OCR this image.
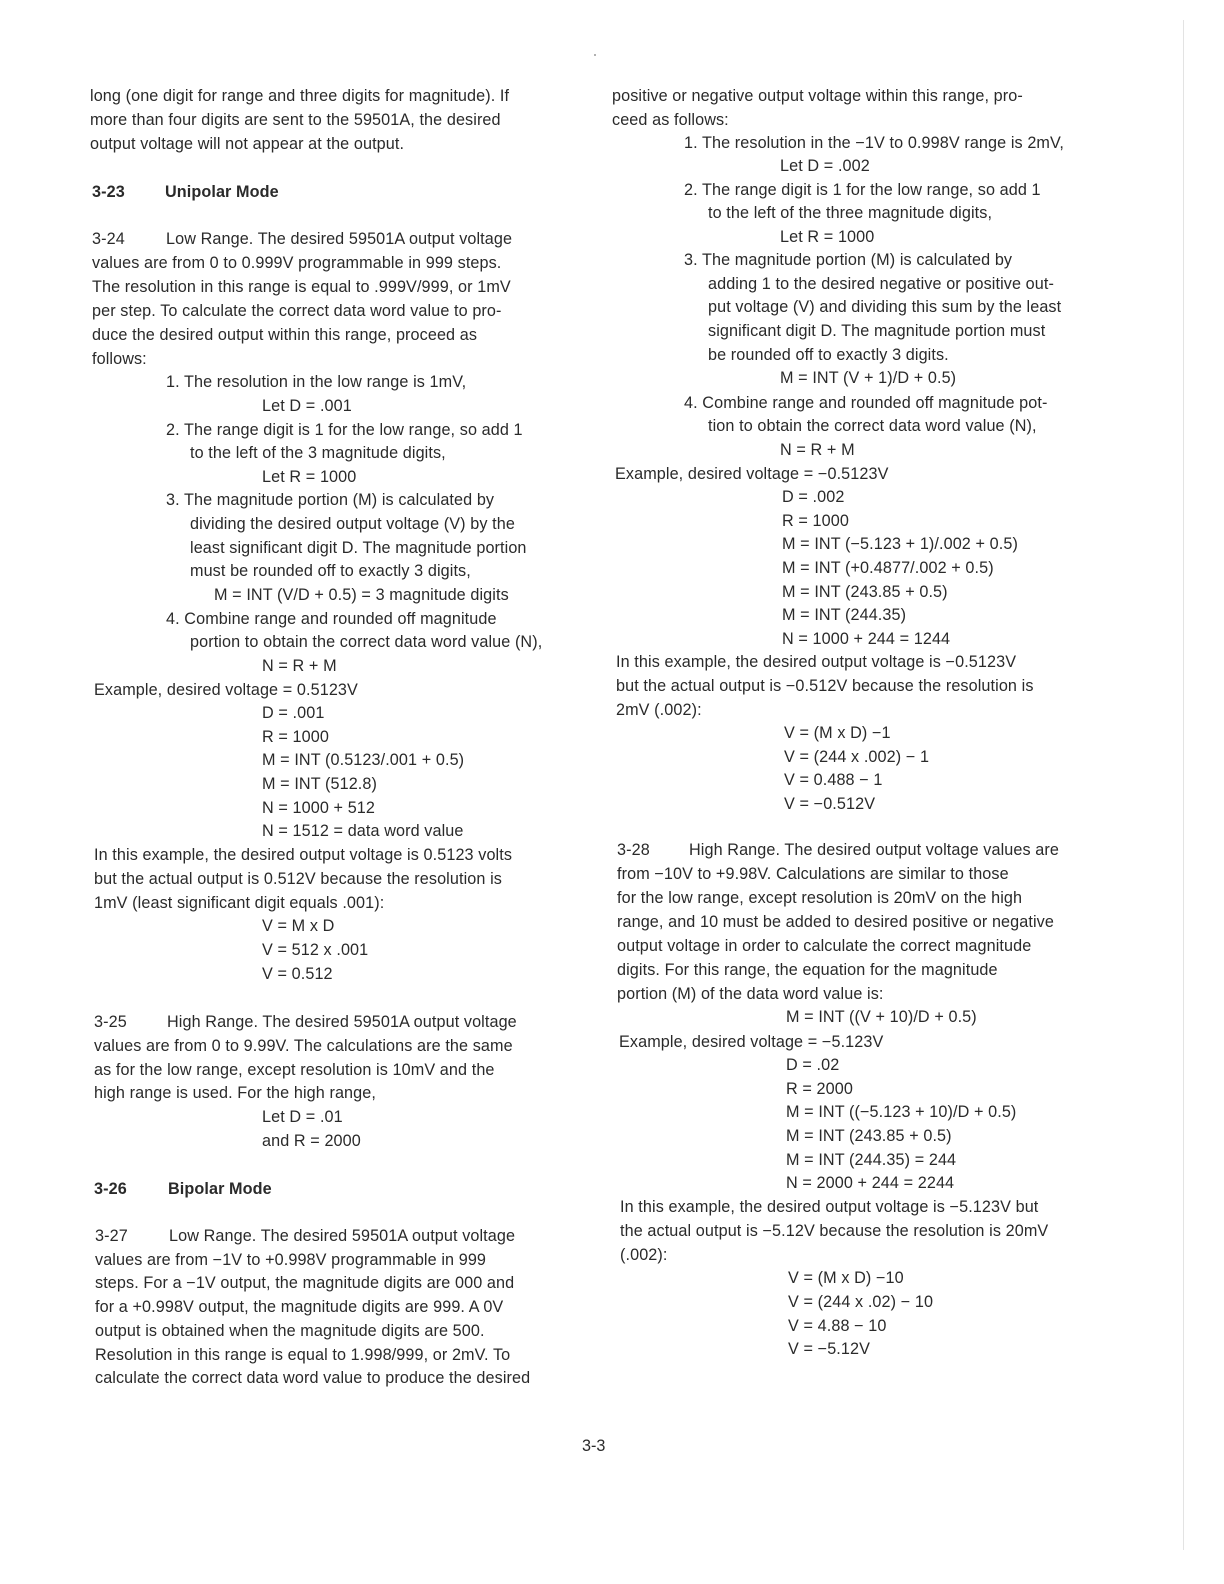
long (one digit for range and three digits for magnitude). If
more than four digits are sent to the 59501A, the desired
output voltage will not appear at the output.
3-23 Unipolar Mode
3-24	Low Range. The desired 59501A output voltage
values are from 0 to 0.999V programmable in 999 steps.
The resolution in this range is equal to .999V/999, or 1mV
per step. To calculate the correct data word value to pro-
duce the desired output within this range, proceed as
follows:
1. The resolution in the low range is 1mV,
Let D = .001
2. The range digit is 1 for the low range, so add 1
to the left of the 3 magnitude digits,
Let R = 1000
3. The magnitude portion (M) is calculated by
dividing the desired output voltage (V) by the
least significant digit D. The magnitude portion
must be rounded off to exactly 3 digits,
M = INT (V/D + 0.5) = 3 magnitude digits
4. Combine range and rounded off magnitude
portion to obtain the correct data word value (N),
N = R + M
Example, desired voltage = 0.5123V
D = .001
R = 1000
M = INT (0.5123/.001 + 0.5)
M = INT (512.8)
N = 1000 + 512
N = 1512 = data word value
In this example, the desired output voltage is 0.5123 volts
but the actual output is 0.512V because the resolution is
1mV (least significant digit equals .001):
V = M x D
V = 512 x .001
V = 0.512
3-25 High Range. The desired 59501A output voltage
values are from 0 to 9.99V. The calculations are the same
as for the low range, except resolution is 10mV and the
high range is used. For the high range,
Let D = .01
and R = 2000
3-26	Bipolar Mode
3-27	Low Range. The desired 59501A output voltage
values are from −1V to +0.998V programmable in 999
steps. For a −1V output, the magnitude digits are 000 and
for a +0.998V output, the magnitude digits are 999. A 0V
output is obtained when the magnitude digits are 500.
Resolution in this range is equal to 1.998/999, or 2mV. To
calculate the correct data word value to produce the desired
positive or negative output voltage within this range, pro-
ceed as follows:
1. The resolution in the −1V to 0.998V range is 2mV,
Let D = .002
2. The range digit is 1 for the low range, so add 1
to the left of the three magnitude digits,
Let R = 1000
3. The magnitude portion (M) is calculated by
adding 1 to the desired negative or positive out-
put voltage (V) and dividing this sum by the least
significant digit D. The magnitude portion must
be rounded off to exactly 3 digits.
M = INT (V + 1)/D + 0.5)
4. Combine range and rounded off magnitude pot-
tion to obtain the correct data word value (N),
N = R + M
Example, desired voltage = −0.5123V
D = .002
R = 1000
M = INT (−5.123 + 1)/.002 + 0.5)
M = INT (+0.4877/.002 + 0.5)
M = INT (243.85 + 0.5)
M = INT (244.35)
N = 1000 + 244 = 1244
In this example, the desired output voltage is −0.5123V
but the actual output is −0.512V because the resolution is
2mV (.002):
V = (M x D) −1
V = (244 x .002) − 1
V = 0.488 − 1
V = −0.512V
3-28 High Range. The desired output voltage values are
from −10V to +9.98V. Calculations are similar to those
for the low range, except resolution is 20mV on the high
range, and 10 must be added to desired positive or negative
output voltage in order to calculate the correct magnitude
digits. For this range, the equation for the magnitude
portion (M) of the data word value is:
M = INT ((V + 10)/D + 0.5)
Example, desired voltage = −5.123V
D = .02
R = 2000
M = INT ((−5.123 + 10)/D + 0.5)
M = INT (243.85 + 0.5)
M = INT (244.35) = 244
N = 2000 + 244 = 2244
In this example, the desired output voltage is −5.123V but
the actual output is −5.12V because the resolution is 20mV
(.002):
V = (M x D) −10
V = (244 x .02) − 10
V = 4.88 − 10
V = −5.12V
3-3
